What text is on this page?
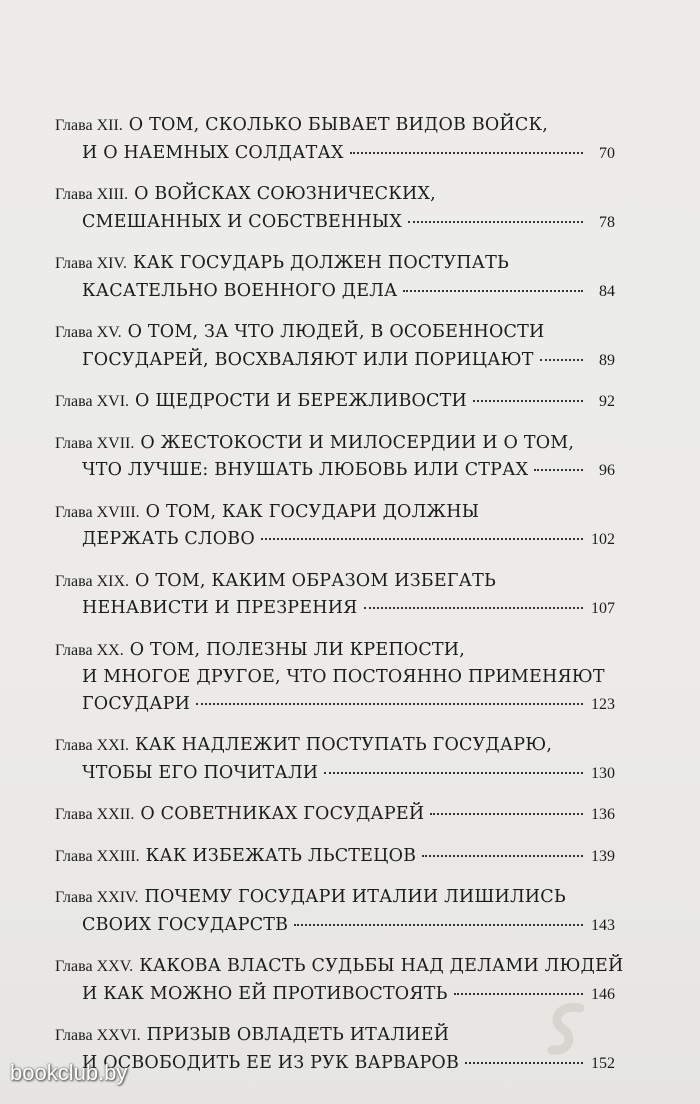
Глава XII. О ТОМ, СКОЛЬКО БЫВАЕТ ВИДОВ ВОЙСК,
И О НАЕМНЫХ СОЛДАТАХ	70
Глава XIII. О ВОЙСКАХ СОЮЗНИЧЕСКИХ,
СМЕШАННЫХ И СОБСТВЕННЫХ	78
Глава XIV. КАК ГОСУДАРЬ ДОЛЖЕН ПОСТУПАТЬ
КАСАТЕЛЬНО ВОЕННОГО ДЕЛА	84
Глава XV. О ТОМ, ЗА ЧТО ЛЮДЕЙ, В ОСОБЕННОСТИ
ГОСУДАРЕЙ, ВОСХВАЛЯЮТ ИЛИ ПОРИЦАЮТ	89
Глава XVI. О ЩЕДРОСТИ И БЕРЕЖЛИВОСТИ	92
Глава XVII. О ЖЕСТОКОСТИ И МИЛОСЕРДИИ И О ТОМ,
ЧТО ЛУЧШЕ: ВНУШАТЬ ЛЮБОВЬ ИЛИ СТРАХ	96
Глава XVIII. О ТОМ, КАК ГОСУДАРИ ДОЛЖНЫ
ДЕРЖАТЬ СЛОВО	102
Глава XIX. О ТОМ, КАКИМ ОБРАЗОМ ИЗБЕГАТЬ
НЕНАВИСТИ И ПРЕЗРЕНИЯ	107
Глава XX. О ТОМ, ПОЛЕЗНЫ ЛИ КРЕПОСТИ,
И МНОГОЕ ДРУГОЕ, ЧТО ПОСТОЯННО ПРИМЕНЯЮТ
ГОСУДАРИ	123
Глава XXI. КАК НАДЛЕЖИТ ПОСТУПАТЬ ГОСУДАРЮ,
ЧТОБЫ ЕГО ПОЧИТАЛИ	130
Глава XXII. О СОВЕТНИКАХ ГОСУДАРЕЙ	136
Глава XXIII. КАК ИЗБЕЖАТЬ ЛЬСТЕЦОВ	139
Глава XXIV. ПОЧЕМУ ГОСУДАРИ ИТАЛИИ ЛИШИЛИСЬ
СВОИХ ГОСУДАРСТВ	143
Глава XXV. КАКОВА ВЛАСТЬ СУДЬБЫ НАД ДЕЛАМИ ЛЮДЕЙ
И КАК МОЖНО ЕЙ ПРОТИВОСТОЯТЬ	146
Глава XXVI. ПРИЗЫВ ОВЛАДЕТЬ ИТАЛИЕЙ
И ОСВОБОДИТЬ ЕЕ ИЗ РУК ВАРВАРОВ	152
bookclub.by
